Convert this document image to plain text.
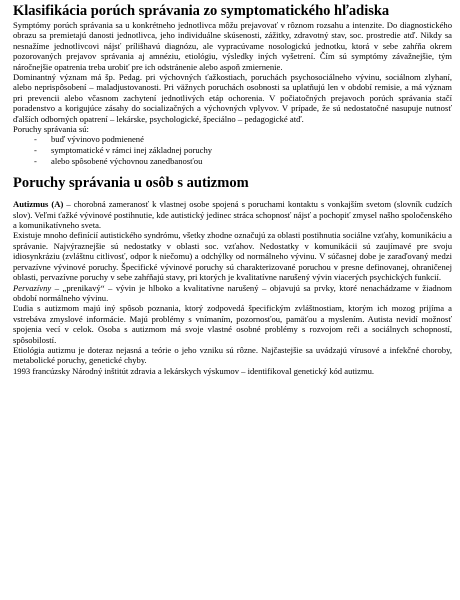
Klasifikácia porúch správania zo symptomatického hľadiska

Symptómy porúch správania sa u konkrétneho jednotlivca môžu prejavovať v rôznom rozsahu a intenzite. Do diagnostického obrazu sa premietajú danosti jednotlivca, jeho individuálne skúsenosti, zážitky, zdravotný stav, soc. prostredie atď. Nikdy sa nesnažíme jednotlivcovi nájsť prílišhavú diagnózu, ale vypracúvame nosologickú jednotku, ktorá v sebe zahŕňa okrem pozorovaných prejavov správania aj amnéziu, etiológiu, výsledky iných vyšetrení. Čím sú symptómy závažnejšie, tým náročnejšie opatrenia treba urobiť pre ich odstránenie alebo aspoň zmiernenie.

Dominantný význam má šp. Pedag. pri výchovných ťažkostiach, poruchách psychosociálneho vývinu, sociálnom zlyhaní, alebo neprispôsobení – maladjustovanosti. Pri väžnych poruchách osobnosti sa uplatňujú len v období remisie, a má význam pri prevencii alebo včasnom zachytení jednotlivých etáp ochorenia. V počiatočných prejavoch porúch správania stačí poradenstvo a korigujúce zásahy do socializačných a výchovných vplyvov. V prípade, že sú nedostatočné nasupuje nutnosť ďalších odborných opatrení – lekárske, psychologické, špeciálno – pedagogické atď.

Poruchy správania sú:

- buď vývinovo podmienené
- symptomatické v rámci inej základnej poruchy
- alebo spôsobené výchovnou zanedbanosťou
Poruchy správania u osôb s autizmom

Autizmus (A) – chorobná zameranosť k vlastnej osobe spojená s poruchami kontaktu s vonkajším svetom (slovník cudzích slov). Veľmi ťažké vývinové postihnutie, kde autistický jedinec stráca schopnosť nájsť a pochopiť zmysel našho spoločenského a komunikatívneho sveta.

Existuje mnoho definícií autistického syndrómu, všetky zhodne označujú za oblasti postihnutia sociálne vzťahy, komunikáciu a správanie. Najvýraznejšie sú nedostatky v oblasti soc. vzťahov. Nedostatky v komunikácii sú zaujímavé pre svoju idiosynkráziu (zvláštnu citlivosť, odpor k niečomu) a odchýlky od normálneho vývinu. V súčasnej dobe je zaraďovaný medzi pervazívne vývinové poruchy. Špecifické vývinové poruchy sú charakterizované poruchou v presne definovanej, ohraničenej oblasti, pervazívne poruchy v sebe zahŕňajú stavy, pri ktorých je kvalitatívne narušený vývin viacerých psychických funkcií.

Pervazívny – „prenikavý“ – vývin je hlboko a kvalitatívne narušený – objavujú sa prvky, ktoré nenachádzame v žiadnom období normálneho vývinu.

Ľudia s autizmom majú iný spôsob poznania, ktorý zodpovedá špecifickým zvláštnostiam, ktorým ich mozog prijíma a vstrebáva zmyslové informácie. Majú problémy s vnímaním, pozornosťou, pamäťou a myslením. Autista nevidí možnosť spojenia vecí v celok. Osoba s autizmom má svoje vlastné osobné problémy s rozvojom reči a sociálnych schopností, spôsobilostí.

Etiológia autizmu je doteraz nejasná a teórie o jeho vzniku sú rôzne. Najčastejšie sa uvádzajú vírusové a infekčné choroby, metabolické poruchy, genetické chyby.

1993 francúzsky Národný inštitút zdravia a lekárskych výskumov – identifikoval genetický kód autizmu.
